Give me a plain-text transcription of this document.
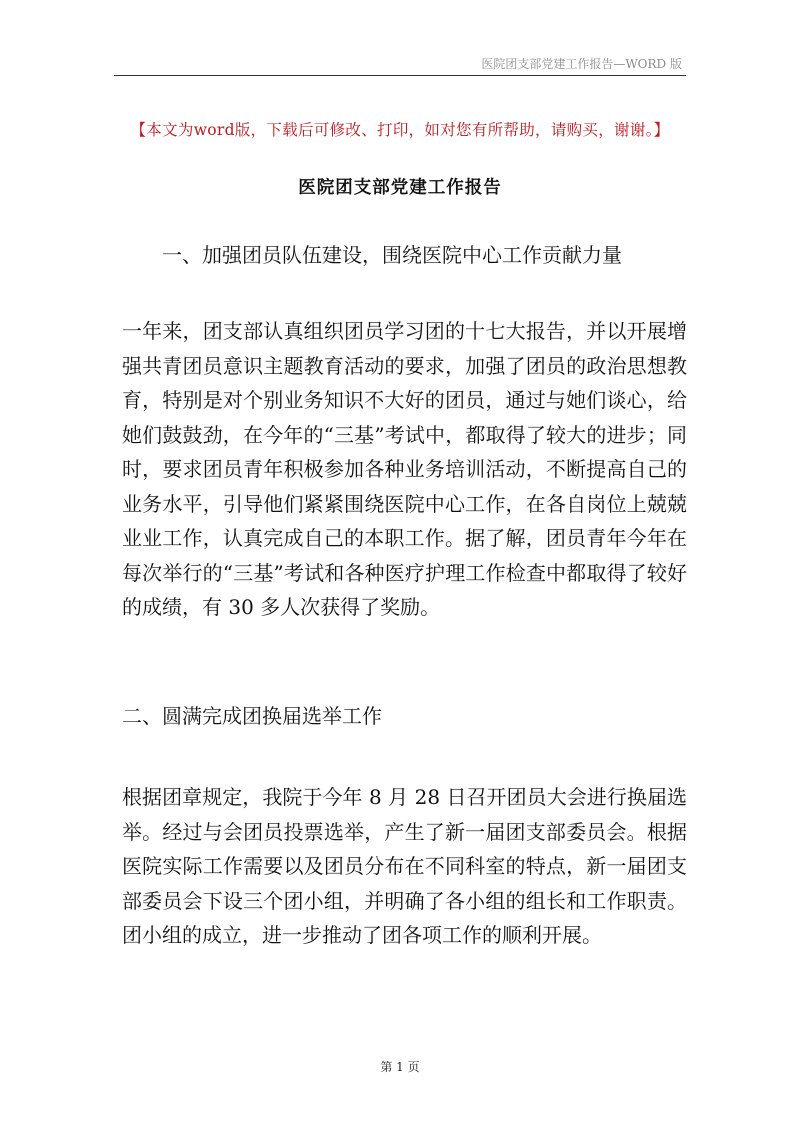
医院团支部党建工作报告—WORD 版
【本文为word版，下载后可修改、打印，如对您有所帮助，请购买，谢谢。】
医院团支部党建工作报告
一、加强团员队伍建设，围绕医院中心工作贡献力量

一年来，团支部认真组织团员学习团的十七大报告，并以开展增强共青团员意识主题教育活动的要求，加强了团员的政治思想教育，特别是对个别业务知识不大好的团员，通过与她们谈心，给她们鼓鼓劲，在今年的“三基”考试中，都取得了较大的进步；同时，要求团员青年积极参加各种业务培训活动，不断提高自己的业务水平，引导他们紧紧围绕医院中心工作，在各自岗位上兢兢业业工作，认真完成自己的本职工作。据了解，团员青年今年在每次举行的“三基”考试和各种医疗护理工作检查中都取得了较好的成绩，有 30 多人次获得了奖励。

二、圆满完成团换届选举工作

根据团章规定，我院于今年 8 月 28 日召开团员大会进行换届选举。经过与会团员投票选举，产生了新一届团支部委员会。根据医院实际工作需要以及团员分布在不同科室的特点，新一届团支部委员会下设三个团小组，并明确了各小组的组长和工作职责。团小组的成立，进一步推动了团各项工作的顺利开展。

第 1 页
